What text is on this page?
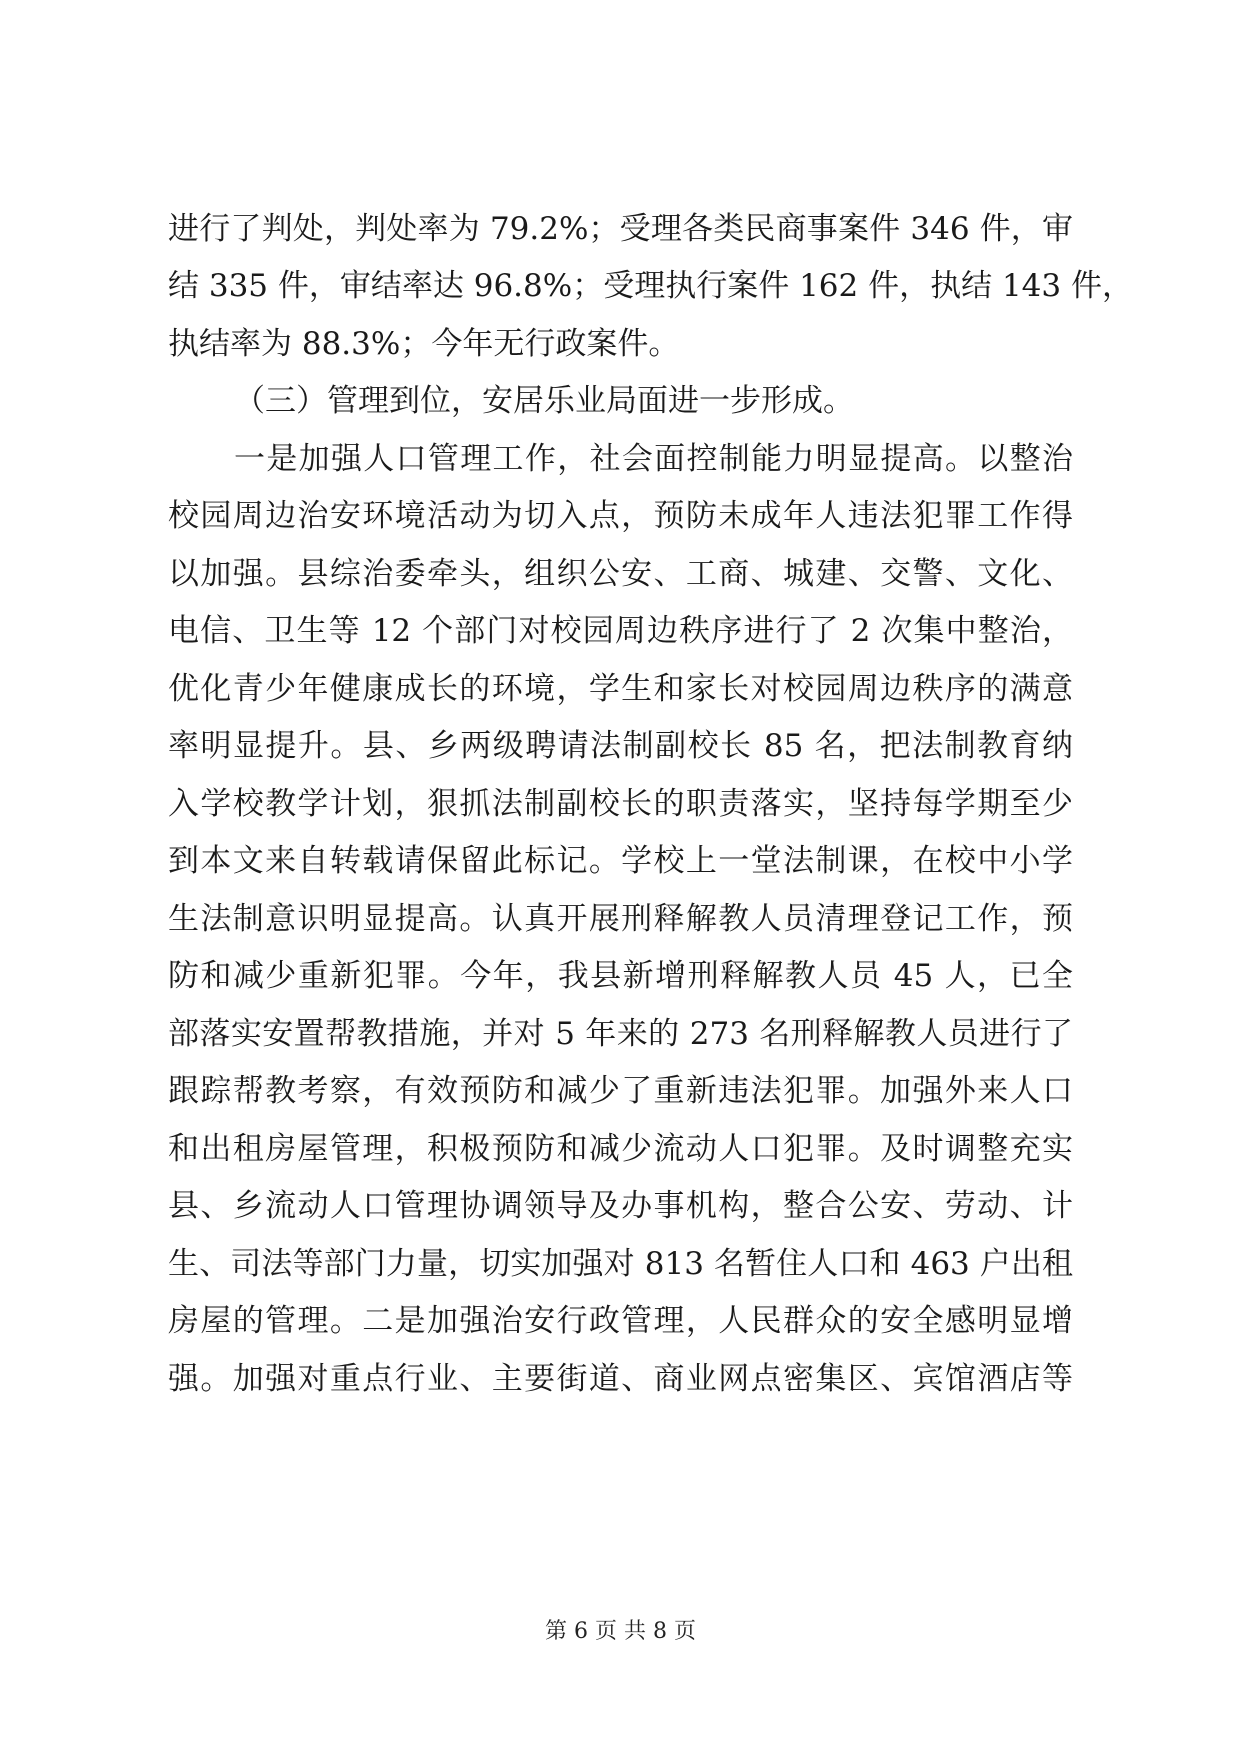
进行了判处，判处率为 79.2%；受理各类民商事案件 346 件，审
结 335 件，审结率达 96.8%；受理执行案件 162 件，执结 143 件，
执结率为 88.3%；今年无行政案件。
（三）管理到位，安居乐业局面进一步形成。
一是加强人口管理工作，社会面控制能力明显提高。以整治
校园周边治安环境活动为切入点，预防未成年人违法犯罪工作得
以加强。县综治委牵头，组织公安、工商、城建、交警、文化、
电信、卫生等 12 个部门对校园周边秩序进行了 2 次集中整治，
优化青少年健康成长的环境，学生和家长对校园周边秩序的满意
率明显提升。县、乡两级聘请法制副校长 85 名，把法制教育纳
入学校教学计划，狠抓法制副校长的职责落实，坚持每学期至少
到本文来自转载请保留此标记。学校上一堂法制课，在校中小学
生法制意识明显提高。认真开展刑释解教人员清理登记工作，预
防和减少重新犯罪。今年，我县新增刑释解教人员 45 人，已全
部落实安置帮教措施，并对 5 年来的 273 名刑释解教人员进行了
跟踪帮教考察，有效预防和减少了重新违法犯罪。加强外来人口
和出租房屋管理，积极预防和减少流动人口犯罪。及时调整充实
县、乡流动人口管理协调领导及办事机构，整合公安、劳动、计
生、司法等部门力量，切实加强对 813 名暂住人口和 463 户出租
房屋的管理。二是加强治安行政管理，人民群众的安全感明显增
强。加强对重点行业、主要街道、商业网点密集区、宾馆酒店等
第 6 页 共 8 页
